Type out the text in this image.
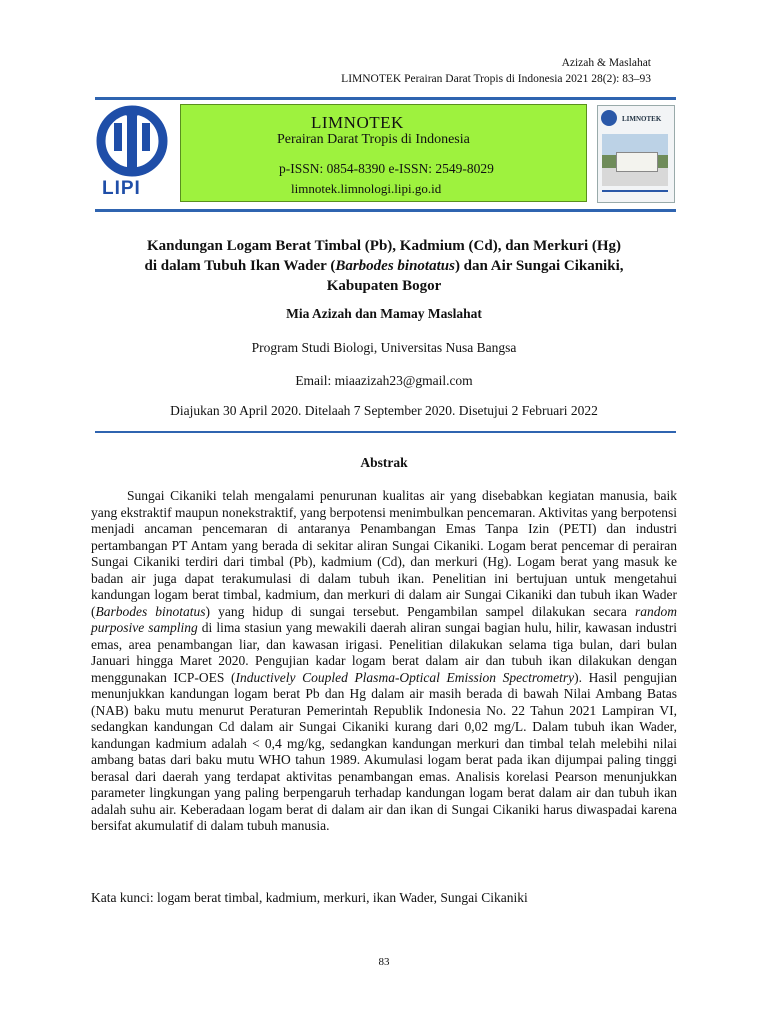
Azizah & Maslahat
LIMNOTEK Perairan Darat Tropis di Indonesia 2021 28(2): 83–93
LIPI
LIMNOTEK
Perairan Darat Tropis di Indonesia
p-ISSN: 0854-8390 e-ISSN: 2549-8029
limnotek.limnologi.lipi.go.id
LIMNOTEK
Kandungan Logam Berat Timbal (Pb), Kadmium (Cd), dan Merkuri (Hg)
di dalam Tubuh Ikan Wader (Barbodes binotatus) dan Air Sungai Cikaniki,
Kabupaten Bogor
Mia Azizah dan Mamay Maslahat
Program Studi Biologi, Universitas Nusa Bangsa
Email: miaazizah23@gmail.com
Diajukan 30 April 2020. Ditelaah 7 September 2020. Disetujui 2 Februari 2022
Abstrak

Sungai Cikaniki telah mengalami penurunan kualitas air yang disebabkan kegiatan manusia, baik yang ekstraktif maupun nonekstraktif, yang berpotensi menimbulkan pencemaran. Aktivitas yang berpotensi menjadi ancaman pencemaran di antaranya Penambangan Emas Tanpa Izin (PETI) dan industri pertambangan PT Antam yang berada di sekitar aliran Sungai Cikaniki. Logam berat pencemar di perairan Sungai Cikaniki terdiri dari timbal (Pb), kadmium (Cd), dan merkuri (Hg). Logam berat yang masuk ke badan air juga dapat terakumulasi di dalam tubuh ikan. Penelitian ini bertujuan untuk mengetahui kandungan logam berat timbal, kadmium, dan merkuri di dalam air Sungai Cikaniki dan tubuh ikan Wader (Barbodes binotatus) yang hidup di sungai tersebut. Pengambilan sampel dilakukan secara random purposive sampling di lima stasiun yang mewakili daerah aliran sungai bagian hulu, hilir, kawasan industri emas, area penambangan liar, dan kawasan irigasi. Penelitian dilakukan selama tiga bulan, dari bulan Januari hingga Maret 2020. Pengujian kadar logam berat dalam air dan tubuh ikan dilakukan dengan menggunakan ICP-OES (Inductively Coupled Plasma-Optical Emission Spectrometry). Hasil pengujian menunjukkan kandungan logam berat Pb dan Hg dalam air masih berada di bawah Nilai Ambang Batas (NAB) baku mutu menurut Peraturan Pemerintah Republik Indonesia No. 22 Tahun 2021 Lampiran VI, sedangkan kandungan Cd dalam air Sungai Cikaniki kurang dari 0,02 mg/L. Dalam tubuh ikan Wader, kandungan kadmium adalah < 0,4 mg/kg, sedangkan kandungan merkuri dan timbal telah melebihi nilai ambang batas dari baku mutu WHO tahun 1989. Akumulasi logam berat pada ikan dijumpai paling tinggi berasal dari daerah yang terdapat aktivitas penambangan emas. Analisis korelasi Pearson menunjukkan parameter lingkungan yang paling berpengaruh terhadap kandungan logam berat dalam air dan tubuh ikan adalah suhu air. Keberadaan logam berat di dalam air dan ikan di Sungai Cikaniki harus diwaspadai karena bersifat akumulatif di dalam tubuh manusia.

Kata kunci: logam berat timbal, kadmium, merkuri, ikan Wader, Sungai Cikaniki
83
